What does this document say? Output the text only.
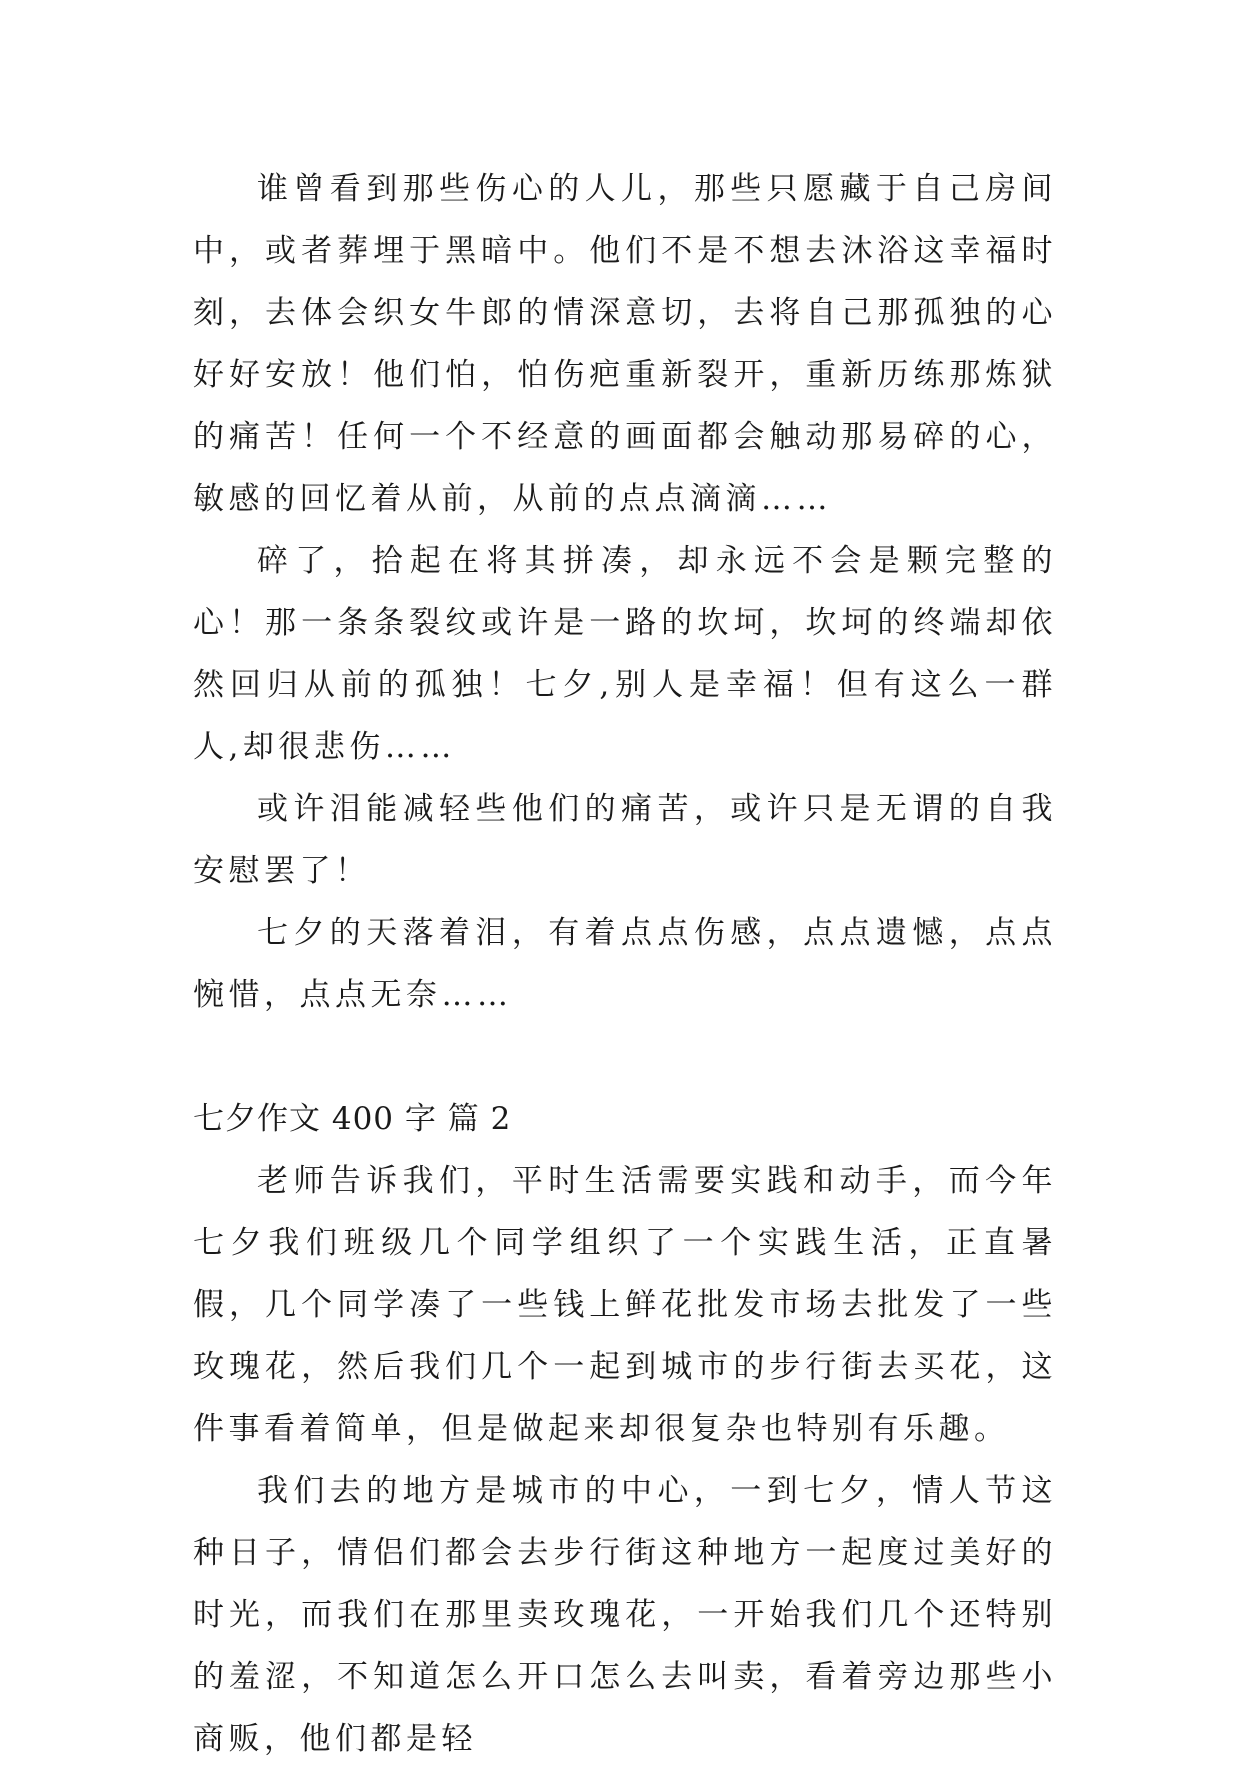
谁曾看到那些伤心的人儿，那些只愿藏于自己房间中，或者葬埋于黑暗中。他们不是不想去沐浴这幸福时刻，去体会织女牛郎的情深意切，去将自己那孤独的心好好安放！他们怕，怕伤疤重新裂开，重新历练那炼狱的痛苦！任何一个不经意的画面都会触动那易碎的心，敏感的回忆着从前，从前的点点滴滴……

碎了，拾起在将其拼凑，却永远不会是颗完整的心！那一条条裂纹或许是一路的坎坷，坎坷的终端却依然回归从前的孤独！七夕,别人是幸福！但有这么一群人,却很悲伤……

或许泪能减轻些他们的痛苦，或许只是无谓的自我安慰罢了！

七夕的天落着泪，有着点点伤感，点点遗憾，点点惋惜，点点无奈……

七夕作文 400 字 篇 2

老师告诉我们，平时生活需要实践和动手，而今年七夕我们班级几个同学组织了一个实践生活，正直暑假，几个同学凑了一些钱上鲜花批发市场去批发了一些玫瑰花，然后我们几个一起到城市的步行街去买花，这件事看着简单，但是做起来却很复杂也特别有乐趣。

我们去的地方是城市的中心，一到七夕，情人节这种日子，情侣们都会去步行街这种地方一起度过美好的时光，而我们在那里卖玫瑰花，一开始我们几个还特别的羞涩，不知道怎么开口怎么去叫卖，看着旁边那些小商贩，他们都是轻
